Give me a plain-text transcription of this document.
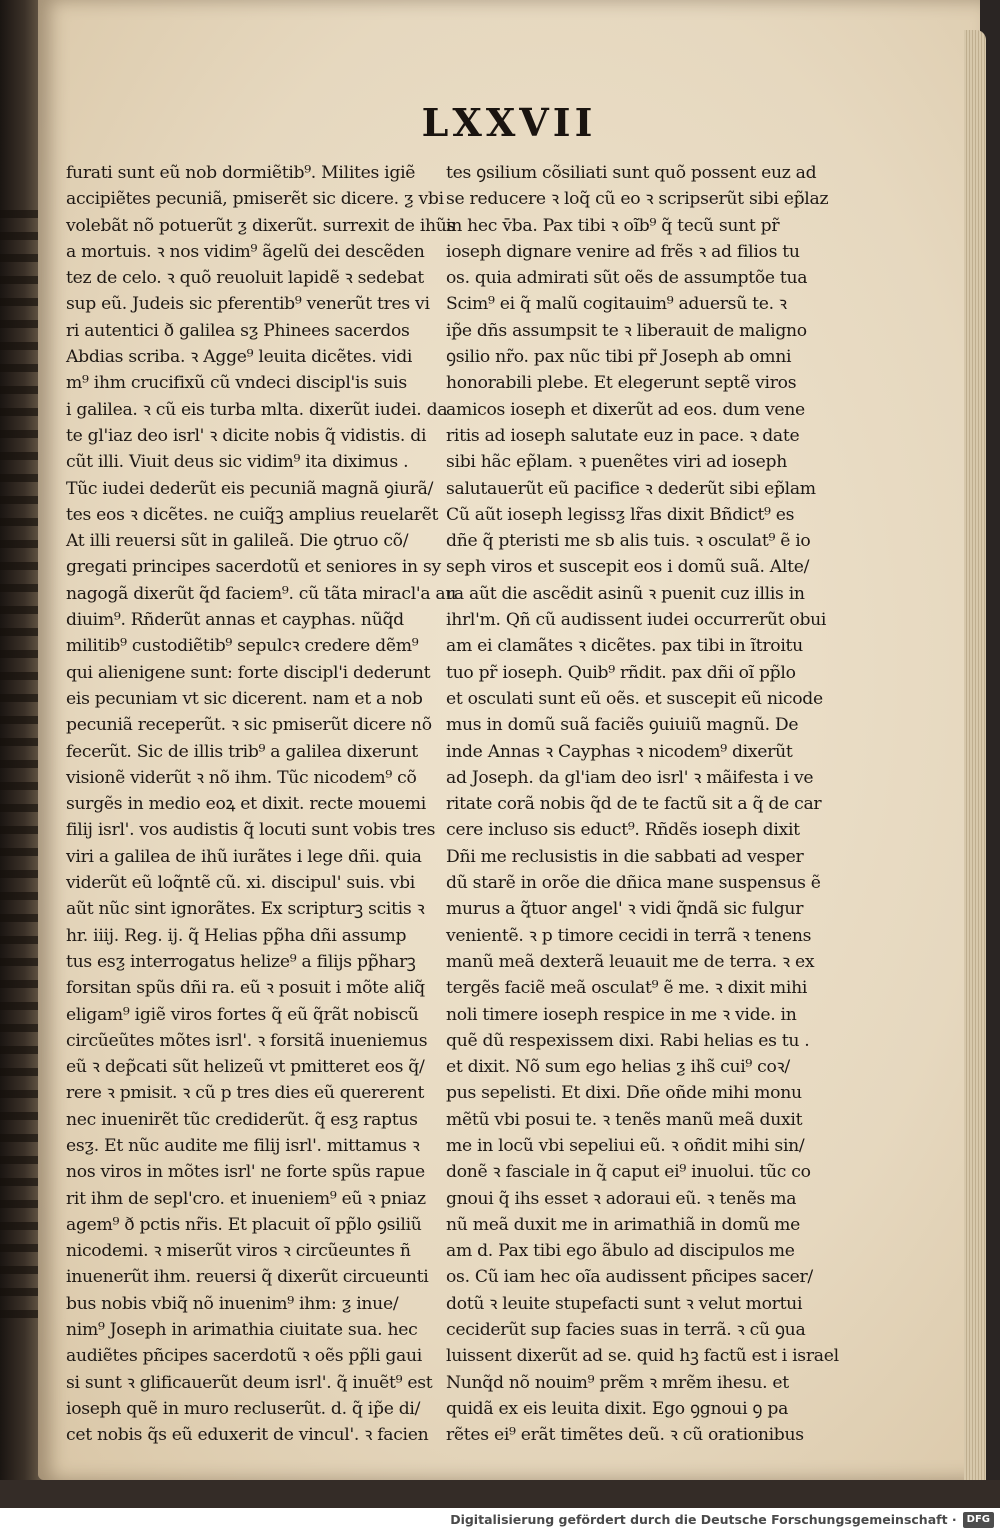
LXXVII
furati sunt eũ nob dormiẽtib⁹. Milites igiẽ
accipiẽtes pecuniã, pmiserẽt sic dicere. ƺ vbi
volebãt nõ potuerũt ƺ dixerũt. surrexit de ihũs
a mortuis. ꝛ nos vidim⁹ ãgelũ dei descẽden
tez de celo. ꝛ quõ reuoluit lapidẽ ꝛ sedebat
sup eũ. Judeis sic pferentib⁹ venerũt tres vi
ri autentici ð galilea sƺ Phinees sacerdos
Abdias scriba. ꝛ Agge⁹ leuita dicẽtes. vidi
m⁹ ihm crucifixũ cũ vndeci discipl'is suis
i galilea. ꝛ cũ eis turba mlta. dixerũt iudei. da
te gl'iaz deo isrl' ꝛ dicite nobis q̃ vidistis. di
cũt illi. Viuit deus sic vidim⁹ ita diximus .
Tũc iudei dederũt eis pecuniã magnã ꝯiurã/
tes eos ꝛ dicẽtes. ne cuiq̃ꝫ amplius reuelarẽt
At illi reuersi sũt in galileã. Die ꝯtruo cõ/
gregati principes sacerdotũ et seniores in sy
nagogã dixerũt q̃d faciem⁹. cũ tãta miracl'a au
diuim⁹. Rñderũt annas et cayphas. nũq̃d
militib⁹ custodiẽtib⁹ sepulcꝛ credere dẽm⁹
qui alienigene sunt: forte discipl'i dederunt
eis pecuniam vt sic dicerent. nam et a nob
pecuniã receperũt. ꝛ sic pmiserũt dicere nõ
fecerũt. Sic de illis trib⁹ a galilea dixerunt
visionẽ viderũt ꝛ nõ ihm. Tũc nicodem⁹ cõ
surgẽs in medio eoꝝ et dixit. recte mouemi
filij isrl'. vos audistis q̃ locuti sunt vobis tres
viri a galilea de ihũ iurãtes i lege dñi. quia
viderũt eũ loq̃ntẽ cũ. xi. discipul' suis. vbi
aũt nũc sint ignorãtes. Ex scripturꝫ scitis ꝛ
hr. iiij. Reg. ij. q̃ Helias pp̃ha dñi assump
tus esƺ interrogatus helize⁹ a filijs pp̃harꝫ
forsitan spũs dñi ra. eũ ꝛ posuit i mõte aliq̃
eligam⁹ igiẽ viros fortes q̃ eũ q̃rãt nobiscũ
circũeũtes mõtes isrl'. ꝛ forsitã inueniemus
eũ ꝛ dep̃cati sũt helizeũ vt pmitteret eos q̃/
rere ꝛ pmisit. ꝛ cũ p tres dies eũ quererent
nec inuenirẽt tũc crediderũt. q̃ esƺ raptus
esƺ. Et nũc audite me filij isrl'. mittamus ꝛ
nos viros in mõtes isrl' ne forte spũs rapue
rit ihm de sepl'cro. et inueniem⁹ eũ ꝛ pniaz
agem⁹ ð pctis nr̃is. Et placuit oĩ pp̃lo ꝯsiliũ
nicodemi. ꝛ miserũt viros ꝛ circũeuntes ñ
inuenerũt ihm. reuersi q̃ dixerũt circueunti
bus nobis vbiq̃ nõ inuenim⁹ ihm: ƺ inue/
nim⁹ Joseph in arimathia ciuitate sua. hec
audiẽtes pñcipes sacerdotũ ꝛ oẽs pp̃li gaui
si sunt ꝛ glificauerũt deum isrl'. q̃ inuẽt⁹ est
ioseph quẽ in muro recluserũt. d. q̃ ip̃e di/
cet nobis q̃s eũ eduxerit de vincul'. ꝛ facien
tes ꝯsilium cõsiliati sunt quõ possent euz ad
se reducere ꝛ loq̃ cũ eo ꝛ scripserũt sibi ep̃laz
in hec v̄ba. Pax tibi ꝛ oĩb⁹ q̃ tecũ sunt pr̃
ioseph dignare venire ad frẽs ꝛ ad filios tu
os. quia admirati sũt oẽs de assumptõe tua
Scim⁹ ei q̃ malũ cogitauim⁹ aduersũ te. ꝛ
ip̃e dñs assumpsit te ꝛ liberauit de maligno
ꝯsilio nr̃o. pax nũc tibi pr̃ Joseph ab omni
honorabili plebe. Et elegerunt septẽ viros
amicos ioseph et dixerũt ad eos. dum vene
ritis ad ioseph salutate euz in pace. ꝛ date
sibi hãc ep̃lam. ꝛ puenẽtes viri ad ioseph
salutauerũt eũ pacifice ꝛ dederũt sibi ep̃lam
Cũ aũt ioseph legissƺ lr̃as dixit Bñdict⁹ es
dñe q̃ pteristi me sb alis tuis. ꝛ osculat⁹ ẽ io
seph viros et suscepit eos i domũ suã. Alte/
ra aũt die ascẽdit asinũ ꝛ puenit cuz illis in
ihrl'm. Qñ cũ audissent iudei occurrerũt obui
am ei clamãtes ꝛ dicẽtes. pax tibi in ĩtroitu
tuo pr̃ ioseph. Quib⁹ rñdit. pax dñi oĩ pp̃lo
et osculati sunt eũ oẽs. et suscepit eũ nicode
mus in domũ suã faciẽs ꝯuiuiũ magnũ. De
inde Annas ꝛ Cayphas ꝛ nicodem⁹ dixerũt
ad Joseph. da gl'iam deo isrl' ꝛ mãifesta i ve
ritate corã nobis q̃d de te factũ sit a q̃ de car
cere incluso sis educt⁹. Rñdẽs ioseph dixit
Dñi me reclusistis in die sabbati ad vesper
dũ starẽ in orõe die dñica mane suspensus ẽ
murus a q̃tuor angel' ꝛ vidi q̃ndã sic fulgur
venientẽ. ꝛ p timore cecidi in terrã ꝛ tenens
manũ meã dexterã leuauit me de terra. ꝛ ex
tergẽs faciẽ meã osculat⁹ ẽ me. ꝛ dixit mihi
noli timere ioseph respice in me ꝛ vide. in
quẽ dũ respexissem dixi. Rabi helias es tu .
et dixit. Nõ sum ego helias ƺ ihs̃ cui⁹ coꝛ/
pus sepelisti. Et dixi. Dñe oñde mihi monu
mẽtũ vbi posui te. ꝛ tenẽs manũ meã duxit
me in locũ vbi sepeliui eũ. ꝛ oñdit mihi sin/
donẽ ꝛ fasciale in q̃ caput ei⁹ inuolui. tũc co
gnoui q̃ ihs esset ꝛ adoraui eũ. ꝛ tenẽs ma
nũ meã duxit me in arimathiã in domũ me
am d. Pax tibi ego ãbulo ad discipulos me
os. Cũ iam hec oĩa audissent pñcipes sacer/
dotũ ꝛ leuite stupefacti sunt ꝛ velut mortui
ceciderũt sup facies suas in terrã. ꝛ cũ ꝯua
luissent dixerũt ad se. quid hꝫ factũ est i israel
Nunq̃d nõ nouim⁹ prẽm ꝛ mrẽm ihesu. et
quidã ex eis leuita dixit. Ego ꝯgnoui ꝯ pa
rẽtes ei⁹ erãt timẽtes deũ. ꝛ cũ orationibus
Digitalisierung gefördert durch die Deutsche Forschungsgemeinschaft ·	DFG
